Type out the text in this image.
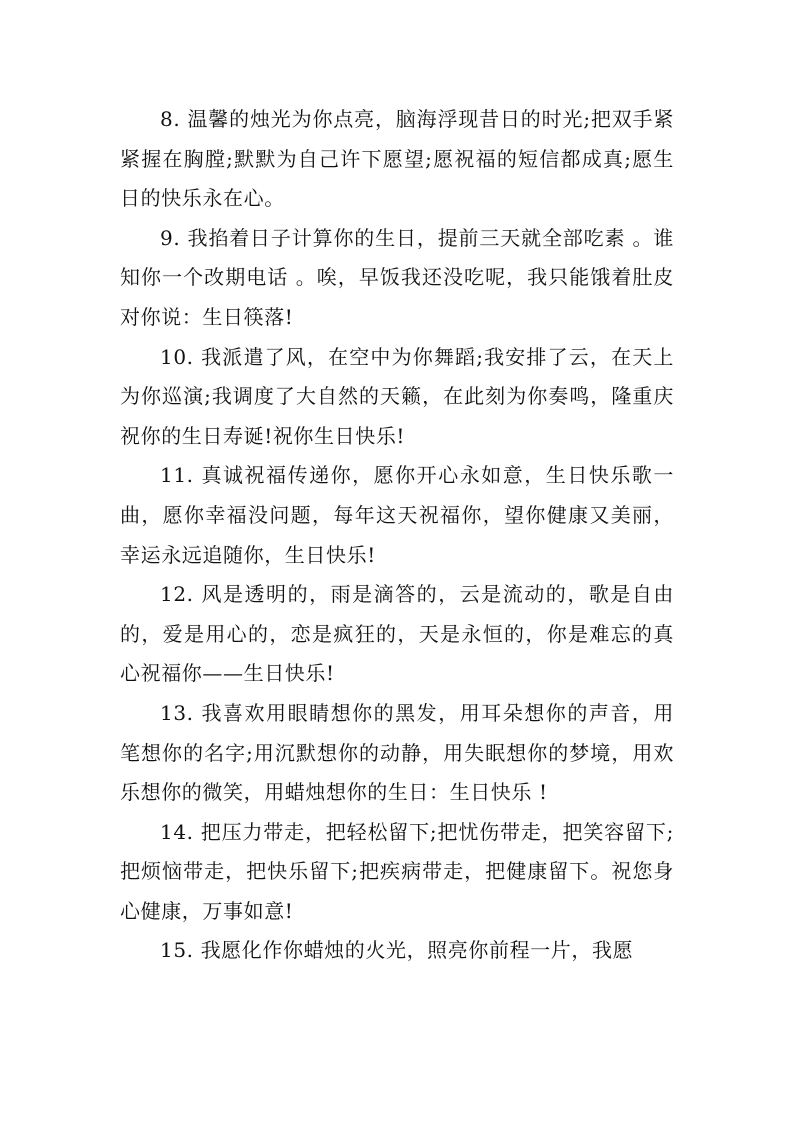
8. 温馨的烛光为你点亮，脑海浮现昔日的时光;把双手紧紧握在胸膛;默默为自己许下愿望;愿祝福的短信都成真;愿生日的快乐永在心。

9. 我掐着日子计算你的生日，提前三天就全部吃素 。谁知你一个改期电话 。唉，早饭我还没吃呢，我只能饿着肚皮对你说：生日筷落!

10. 我派遣了风，在空中为你舞蹈;我安排了云，在天上为你巡演;我调度了大自然的天籁，在此刻为你奏鸣，隆重庆祝你的生日寿诞!祝你生日快乐!

11. 真诚祝福传递你，愿你开心永如意，生日快乐歌一曲，愿你幸福没问题，每年这天祝福你，望你健康又美丽，幸运永远追随你，生日快乐!

12. 风是透明的，雨是滴答的，云是流动的，歌是自由的，爱是用心的，恋是疯狂的，天是永恒的，你是难忘的真心祝福你——生日快乐!

13. 我喜欢用眼睛想你的黑发，用耳朵想你的声音，用笔想你的名字;用沉默想你的动静，用失眠想你的梦境，用欢乐想你的微笑，用蜡烛想你的生日：生日快乐 !

14. 把压力带走，把轻松留下;把忧伤带走，把笑容留下;把烦恼带走，把快乐留下;把疾病带走，把健康留下。祝您身心健康，万事如意!

15. 我愿化作你蜡烛的火光，照亮你前程一片，我愿
